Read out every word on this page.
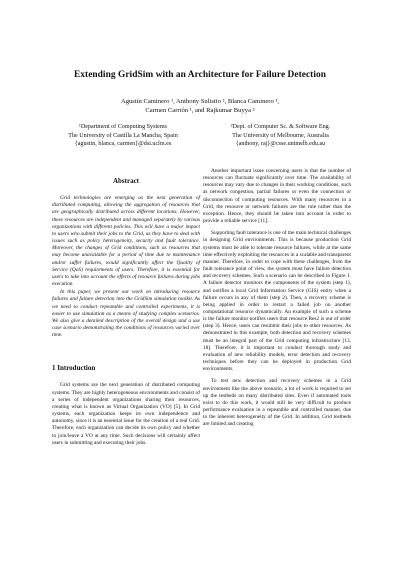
Extending GridSim with an Architecture for Failure Detection
Agustín Caminero ¹, Anthony Sulistio ², Blanca Caminero ¹,
Carmen Carrión ¹, and Rajkumar Buyya ²
¹Department of Computing Systems
The University of Castilla La Mancha, Spain
{agustin, blanca, carmen}@dsi.uclm.es
²Dept. of Computer Sc. & Software Eng.
The University of Melbourne, Australia
{anthony, raj}@csse.unimelb.edu.au
Abstract

Grid technologies are emerging as the next generation of distributed computing, allowing the aggregation of resources that are geographically distributed across different locations. However, these resources are independent and managed separately by various organizations with different policies. This will have a major impact to users who submit their jobs to the Grid, as they have to deal with issues such as policy heterogeneity, security and fault tolerance. Moreover, the changes of Grid conditions, such as resources that may become unavailable for a period of time due to maintenance and/or suffer failures, would significantly affect the Quality of Service (QoS) requirements of users. Therefore, it is essential for users to take into account the effects of resource failures during jobs execution.

In this paper, we present our work on introducing resource failures and failure detection into the GridSim simulation toolkit. As we need to conduct repeatable and controlled experiments, it is easier to use simulation as a means of studying complex scenarios. We also give a detailed description of the overall design and a use case scenario demonstrating the conditions of resources varied over time.

1 Introduction

Grid systems are the next generation of distributed computing systems. They are highly heterogeneous environments and consist of a series of independent organizations sharing their resources, creating what is known as Virtual Organization (VO) [5]. In Grid systems, each organization keeps its own independence and autonomy, since it is an essential issue for the creation of a real Grid. Therefore, each organization can decide its own policy and whether to join/leave a VO at any time. Such decisions will certainly affect users in submitting and executing their jobs.

Another important issue concerning users is that the number of resources can fluctuate significantly over time. The availability of resources may vary due to changes in their working conditions, such as network congestion, partial failures or even the connection or disconnection of computing resources. With many resources in a Grid, the resource or network failures are the rule rather than the exception. Hence, they should be taken into account in order to provide a reliable service [11].

Supporting fault tolerance is one of the main technical challenges in designing Grid environments. This is because production Grid systems must be able to tolerate resource failures, while at the same time effectively exploiting the resources in a scalable and transparent manner. Therefore, in order to cope with these challenges, from the fault tolerance point of view, the system must have failure detection and recovery schemes. Such a scenario can be described in Figure 1. A failure detector monitors the components of the system (step 1), and notifies a local Grid Information Service (GIS) entity when a failure occurs in any of them (step 2). Then, a recovery scheme is being applied in order to restart a failed job on another computational resource dynamically. An example of such a scheme is the failure monitor notifies users that resource Res2 is out of order (step 3). Hence, users can resubmit their jobs to other resources. As demonstrated in this example, both detection and recovery schemes must be an integral part of the Grid computing infrastructure [13, 18]. Therefore, it is important to conduct thorough study and evaluation of new reliability models, error detection and recovery techniques before they can be deployed in production Grid environments.

To test new detection and recovery schemes in a Grid environment like the above scenario, a lot of work is required to set up the testbeds on many distributed sites. Even if automated tools exist to do this work, it would still be very difficult to produce performance evaluation in a repeatable and controlled manner, due to the inherent heterogeneity of the Grid. In addition, Grid testbeds are limited and creating
